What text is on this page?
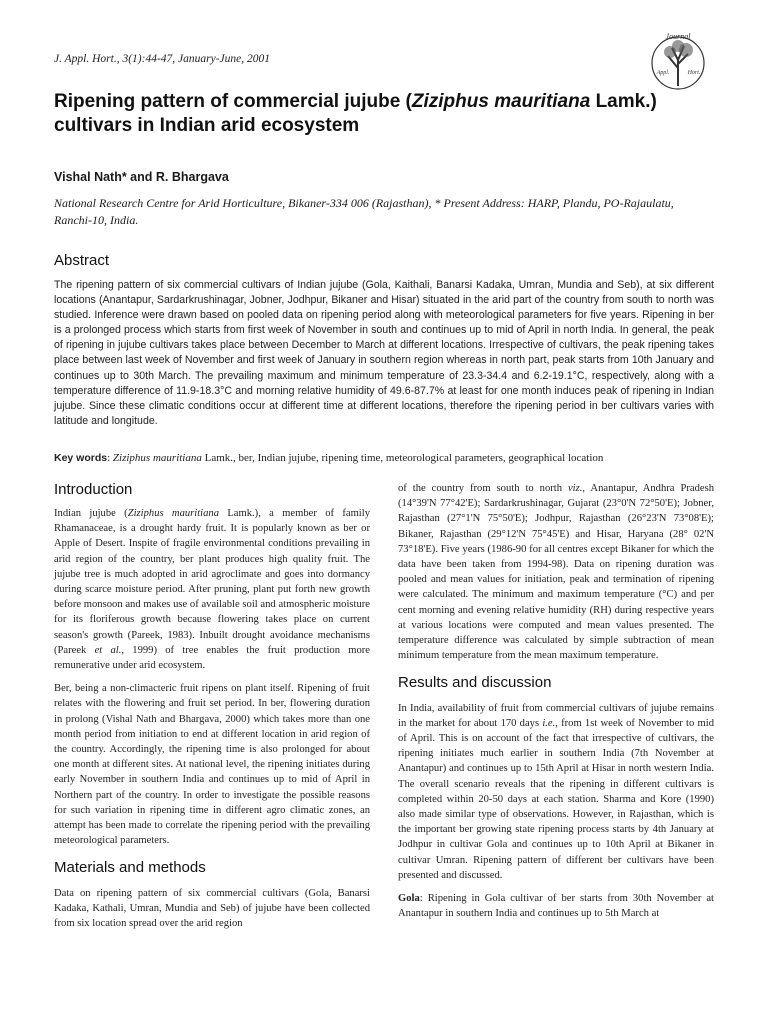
J. Appl. Hort., 3(1):44-47, January-June, 2001
Journal
Appl.	Hort.
Ripening pattern of commercial jujube (Ziziphus mauritiana Lamk.) cultivars in Indian arid ecosystem
Vishal Nath* and R. Bhargava
National Research Centre for Arid Horticulture, Bikaner-334 006 (Rajasthan), * Present Address: HARP, Plandu, PO-Rajaulatu, Ranchi-10, India.
Abstract
The ripening pattern of six commercial cultivars of Indian jujube (Gola, Kaithali, Banarsi Kadaka, Umran, Mundia and Seb), at six different locations (Anantapur, Sardarkrushinagar, Jobner, Jodhpur, Bikaner and Hisar) situated in the arid part of the country from south to north was studied. Inference were drawn based on pooled data on ripening period along with meteorological parameters for five years. Ripening in ber is a prolonged process which starts from first week of November in south and continues up to mid of April in north India. In general, the peak of ripening in jujube cultivars takes place between December to March at different locations. Irrespective of cultivars, the peak ripening takes place between last week of November and first week of January in southern region whereas in north part, peak starts from 10th January and continues up to 30th March. The prevailing maximum and minimum temperature of 23.3-34.4 and 6.2-19.1°C, respectively, along with a temperature difference of 11.9-18.3°C and morning relative humidity of 49.6-87.7% at least for one month induces peak of ripening in Indian jujube. Since these climatic conditions occur at different time at different locations, therefore the ripening period in ber cultivars varies with latitude and longitude.
Key words: Ziziphus mauritiana Lamk., ber, Indian jujube, ripening time, meteorological parameters, geographical location
Introduction

Indian jujube (Ziziphus mauritiana Lamk.), a member of family Rhamanaceae, is a drought hardy fruit. It is popularly known as ber or Apple of Desert. Inspite of fragile environmental conditions prevailing in arid region of the country, ber plant produces high quality fruit. The jujube tree is much adopted in arid agroclimate and goes into dormancy during scarce moisture period. After pruning, plant put forth new growth before monsoon and makes use of available soil and atmospheric moisture for its floriferous growth because flowering takes place on current season's growth (Pareek, 1983). Inbuilt drought avoidance mechanisms (Pareek et al., 1999) of tree enables the fruit production more remunerative under arid ecosystem.

Ber, being a non-climacteric fruit ripens on plant itself. Ripening of fruit relates with the flowering and fruit set period. In ber, flowering duration in prolong (Vishal Nath and Bhargava, 2000) which takes more than one month period from initiation to end at different location in arid region of the country. Accordingly, the ripening time is also prolonged for about one month at different sites. At national level, the ripening initiates during early November in southern India and continues up to mid of April in Northern part of the country. In order to investigate the possible reasons for such variation in ripening time in different agro climatic zones, an attempt has been made to correlate the ripening period with the prevailing meteorological parameters.

Materials and methods

Data on ripening pattern of six commercial cultivars (Gola, Banarsi Kadaka, Kathali, Umran, Mundia and Seb) of jujube have been collected from six location spread over the arid region

of the country from south to north viz., Anantapur, Andhra Pradesh (14°39'N 77°42'E); Sardarkrushinagar, Gujarat (23°0'N 72°50'E); Jobner, Rajasthan (27°1'N 75°50'E); Jodhpur, Rajasthan (26°23'N 73°08'E); Bikaner, Rajasthan (29°12'N 75°45'E) and Hisar, Haryana (28° 02'N 73°18'E). Five years (1986-90 for all centres except Bikaner for which the data have been taken from 1994-98). Data on ripening duration was pooled and mean values for initiation, peak and termination of ripening were calculated. The minimum and maximum temperature (°C) and per cent morning and evening relative humidity (RH) during respective years at various locations were computed and mean values presented. The temperature difference was calculated by simple subtraction of mean minimum temperature from the mean maximum temperature.

Results and discussion

In India, availability of fruit from commercial cultivars of jujube remains in the market for about 170 days i.e., from 1st week of November to mid of April. This is on account of the fact that irrespective of cultivars, the ripening initiates much earlier in southern India (7th November at Anantapur) and continues up to 15th April at Hisar in north western India. The overall scenario reveals that the ripening in different cultivars is completed within 20-50 days at each station. Sharma and Kore (1990) also made similar type of observations. However, in Rajasthan, which is the important ber growing state ripening process starts by 4th January at Jodhpur in cultivar Gola and continues up to 10th April at Bikaner in cultivar Umran. Ripening pattern of different ber cultivars have been presented and discussed.

Gola: Ripening in Gola cultivar of ber starts from 30th November at Anantapur in southern India and continues up to 5th March at
